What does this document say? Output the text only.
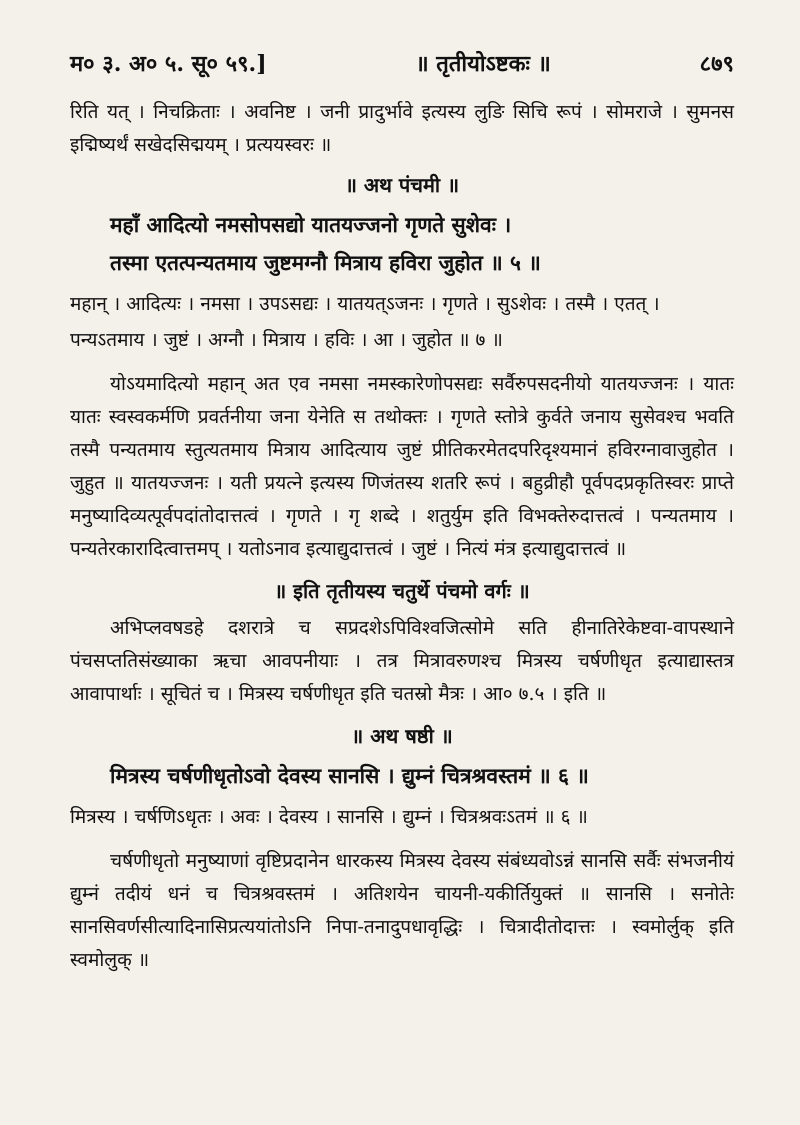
म० ३. अ० ५. सू० ५९.]	॥ तृतीयोऽष्टकः ॥	८७९

रिति यत् । निचक्रिताः । अवनिष्ट । जनी प्रादुर्भावे इत्यस्य लुङि सिचि रूपं । सोमराजे । सुमनस इद्मिष्यर्थं सखेदसिद्मयम् । प्रत्ययस्वरः ॥

॥ अथ पंचमी ॥

महाँ आदित्यो नमसोपसद्यो यातयज्जनो गृणते सुशेवः ।

तस्मा एतत्पन्यतमाय जुष्टमग्नौ मित्राय हविरा जुहोत ॥ ५ ॥

महान् । आदित्यः । नमसा । उपऽसद्यः । यातयत्ऽजनः । गृणते । सुऽशेवः । तस्मै । एतत् । पन्यऽतमाय । जुष्टं । अग्नौ । मित्राय । हविः । आ । जुहोत ॥ ७ ॥

योऽयमादित्यो महान् अत एव नमसा नमस्कारेणोपसद्यः सर्वैरुपसदनीयो यातयज्जनः । यातः यातः स्वस्वकर्मणि प्रवर्तनीया जना येनेति स तथोक्तः । गृणते स्तोत्रे कुर्वते जनाय सुसेवश्च भवति तस्मै पन्यतमाय स्तुत्यतमाय मित्राय आदित्याय जुष्टं प्रीतिकरमेतदपरिदृश्यमानं हविरग्नावाजुहोत । जुहुत ॥ यातयज्जनः । यती प्रयत्ने इत्यस्य णिजंतस्य शतरि रूपं । बहुव्रीहौ पूर्वपदप्रकृतिस्वरः प्राप्ते मनुष्यादिव्यत्पूर्वपदांतोदात्तत्वं । गृणते । गृ शब्दे । शतुर्युम इति विभक्तेरुदात्तत्वं । पन्यतमाय । पन्यतेरकारादित्वात्तमप् । यतोऽनाव इत्याद्युदात्तत्वं । जुष्टं । नित्यं मंत्र इत्याद्युदात्तत्वं ॥

॥ इति तृतीयस्य चतुर्थे पंचमो वर्गः ॥

अभिप्लवषडहे दशरात्रे च सप्रदशेऽपिविश्वजित्सोमे सति हीनातिरेकेष्टवा-वापस्थाने पंचसप्ततिसंख्याका ऋचा आवपनीयाः । तत्र मित्रावरुणश्च मित्रस्य चर्षणीधृत इत्याद्यास्तत्र आवापार्थाः । सूचितं च । मित्रस्य चर्षणीधृत इति चतस्रो मैत्रः । आ० ७.५ । इति ॥

॥ अथ षष्ठी ॥

मित्रस्य चर्षणीधृतोऽवो देवस्य सानसि । द्युम्नं चित्रश्रवस्तमं ॥ ६ ॥

मित्रस्य । चर्षणिऽधृतः । अवः । देवस्य । सानसि । द्युम्नं । चित्रश्रवःऽतमं ॥ ६ ॥

चर्षणीधृतो मनुष्याणां वृष्टिप्रदानेन धारकस्य मित्रस्य देवस्य संबंध्यवोऽन्नं सानसि सर्वैः संभजनीयं द्युम्नं तदीयं धनं च चित्रश्रवस्तमं । अतिशयेन चायनी-यकीर्तियुक्तं ॥ सानसि । सनोतेः सानसिवर्णसीत्यादिनासिप्रत्ययांतोऽनि निपा-तनादुपधावृद्धिः । चित्रादीतोदात्तः । स्वमोर्लुक् इति स्वमोलुक् ॥
